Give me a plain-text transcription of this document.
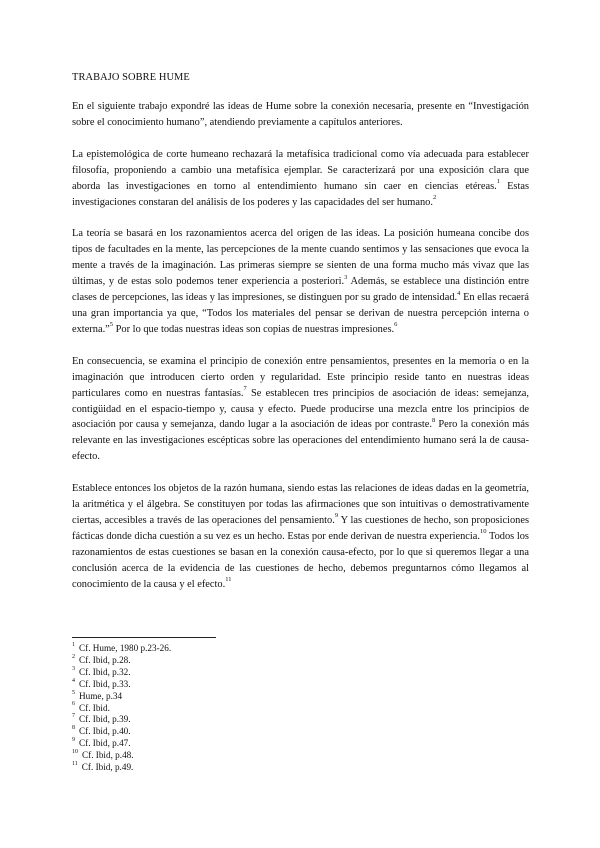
TRABAJO SOBRE HUME

En el siguiente trabajo expondré las ideas de Hume sobre la conexión necesaria, presente en “Investigación sobre el conocimiento humano”, atendiendo previamente a capítulos anteriores.

La epistemológica de corte humeano rechazará la metafísica tradicional como vía adecuada para establecer filosofía, proponiendo a cambio una metafísica ejemplar. Se caracterizará por una exposición clara que aborda las investigaciones en torno al entendimiento humano sin caer en ciencias etéreas.$^1$ Estas investigaciones constaran del análisis de los poderes y las capacidades del ser humano.$^2$

La teoría se basará en los razonamientos acerca del origen de las ideas. La posición humeana concibe dos tipos de facultades en la mente, las percepciones de la mente cuando sentimos y las sensaciones que evoca la mente a través de la imaginación. Las primeras siempre se sienten de una forma mucho más vivaz que las últimas, y de estas solo podemos tener experiencia a posteriori.$^3$ Además, se establece una distinción entre clases de percepciones, las ideas y las impresiones, se distinguen por su grado de intensidad.$^4$ En ellas recaerá una gran importancia ya que, “Todos los materiales del pensar se derivan de nuestra percepción interna o externa.”$^5$ Por lo que todas nuestras ideas son copias de nuestras impresiones.$^6$

En consecuencia, se examina el principio de conexión entre pensamientos, presentes en la memoria o en la imaginación que introducen cierto orden y regularidad. Este principio reside tanto en nuestras ideas particulares como en nuestras fantasías.$^7$ Se establecen tres principios de asociación de ideas: semejanza, contigüidad en el espacio-tiempo y, causa y efecto. Puede producirse una mezcla entre los principios de asociación por causa y semejanza, dando lugar a la asociación de ideas por contraste.$^8$ Pero la conexión más relevante en las investigaciones escépticas sobre las operaciones del entendimiento humano será la de causa-efecto.

Establece entonces los objetos de la razón humana, siendo estas las relaciones de ideas dadas en la geometría, la aritmética y el álgebra. Se constituyen por todas las afirmaciones que son intuitivas o demostrativamente ciertas, accesibles a través de las operaciones del pensamiento.$^9$ Y las cuestiones de hecho, son proposiciones fácticas donde dicha cuestión a su vez es un hecho. Estas por ende derivan de nuestra experiencia.$^{10}$ Todos los razonamientos de estas cuestiones se basan en la conexión causa-efecto, por lo que si queremos llegar a una conclusión acerca de la evidencia de las cuestiones de hecho, debemos preguntarnos cómo llegamos al conocimiento de la causa y el efecto.$^{11}$

$^1$ Cf. Hume, 1980 p.23-26.
$^2$ Cf. Ibid, p.28.
$^3$ Cf. Ibid, p.32.
$^4$ Cf. Ibid, p.33.
$^5$ Hume, p.34
$^6$ Cf. Ibid.
$^7$ Cf. Ibid, p.39.
$^8$ Cf. Ibid, p.40.
$^9$ Cf. Ibid, p.47.
$^{10}$ Cf. Ibid, p.48.
$^{11}$ Cf. Ibid, p.49.
